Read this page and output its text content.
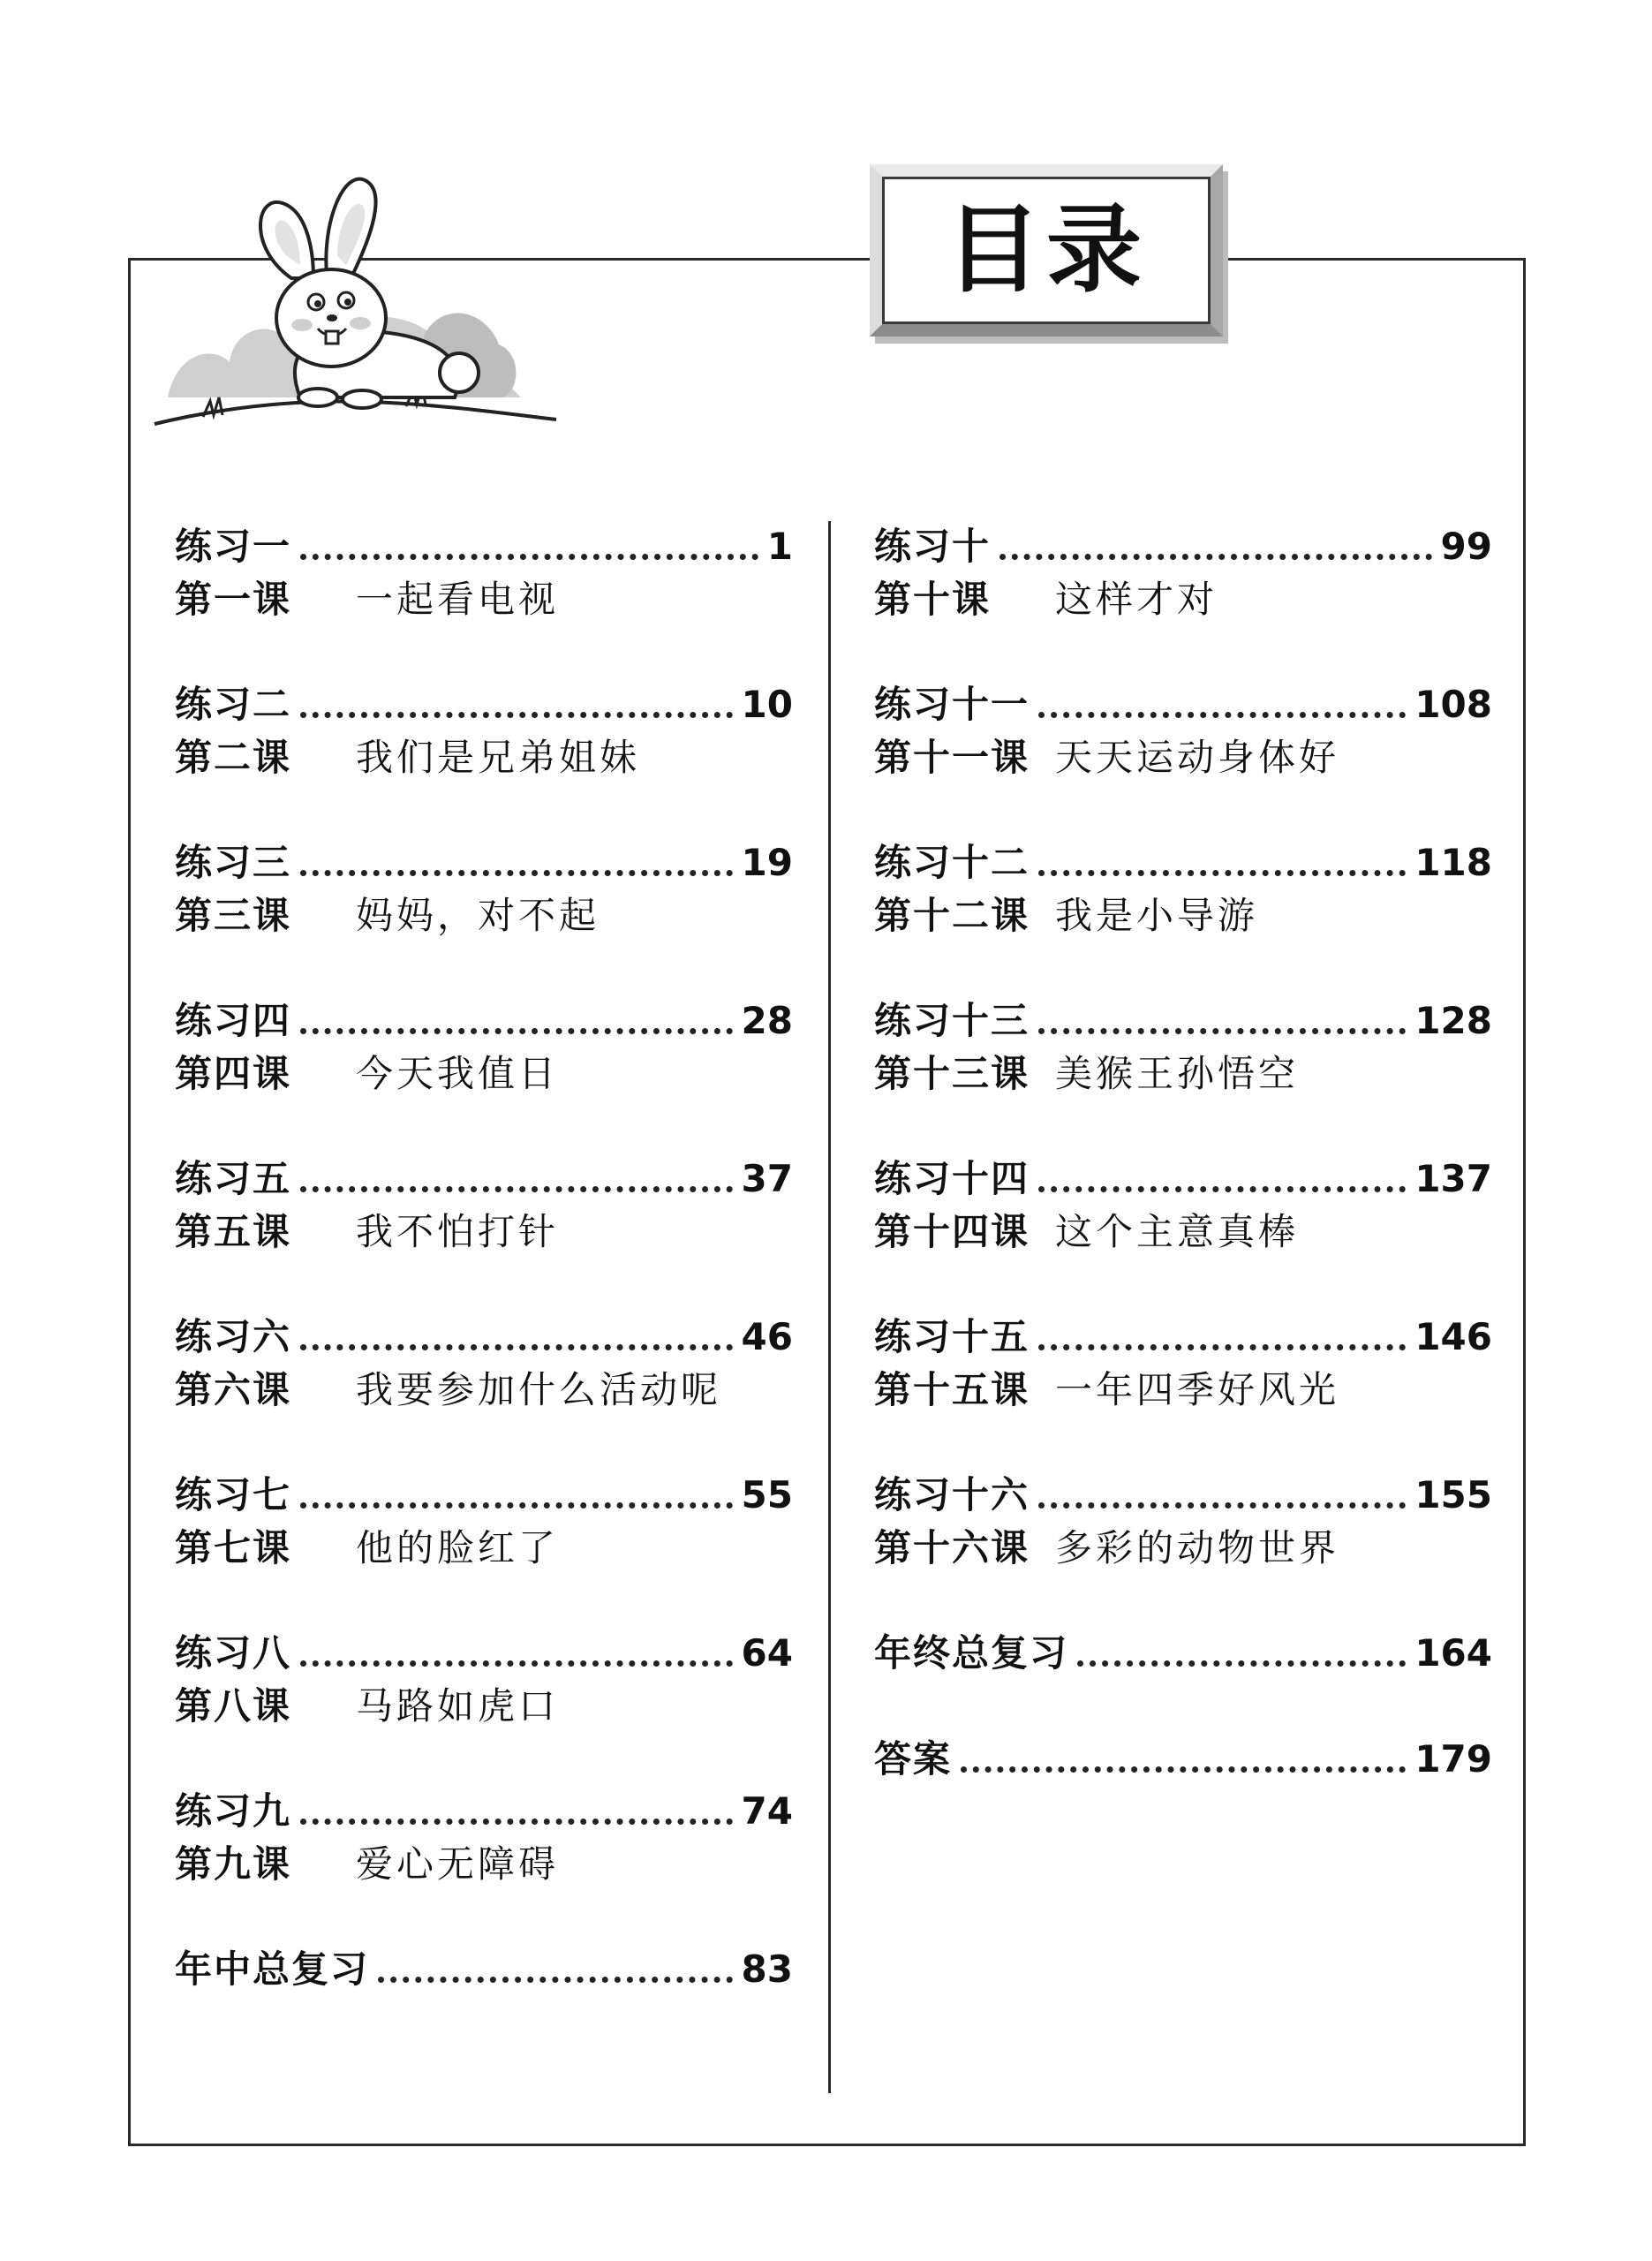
目录
练习一	1
第一课	一起看电视
练习二	10
第二课	我们是兄弟姐妹
练习三	19
第三课	妈妈，对不起
练习四	28
第四课	今天我值日
练习五	37
第五课	我不怕打针
练习六	46
第六课	我要参加什么活动呢
练习七	55
第七课	他的脸红了
练习八	64
第八课	马路如虎口
练习九	74
第九课	爱心无障碍
年中总复习	83
练习十	99
第十课	这样才对
练习十一	108
第十一课 天天运动身体好
练习十二	118
第十二课 我是小导游
练习十三	128
第十三课 美猴王孙悟空
练习十四	137
第十四课 这个主意真棒
练习十五	146
第十五课 一年四季好风光
练习十六	155
第十六课 多彩的动物世界
年终总复习	164
答案	179
